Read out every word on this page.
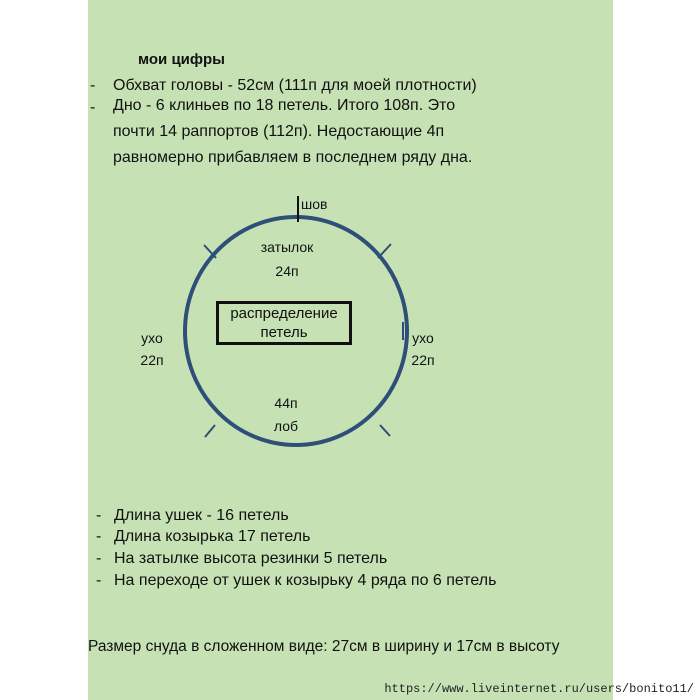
мои цифры
- Обхват головы - 52см (111п для моей плотности)
- Дно - 6 клиньев по 18 петель. Итого 108п. Это
почти 14 раппортов (112п). Недостающие 4п
равномерно прибавляем в последнем ряду дна.
шов
затылок
24п
распределение
петель
ухо
22п
ухо
22п
44п
лоб
- Длина ушек - 16 петель
- Длина козырька 17 петель
- На затылке высота резинки 5 петель
- На переходе от ушек к козырьку 4 ряда по 6 петель
Размер снуда в сложенном виде: 27см в ширину и 17см в высоту
https://www.liveinternet.ru/users/bonito11/
